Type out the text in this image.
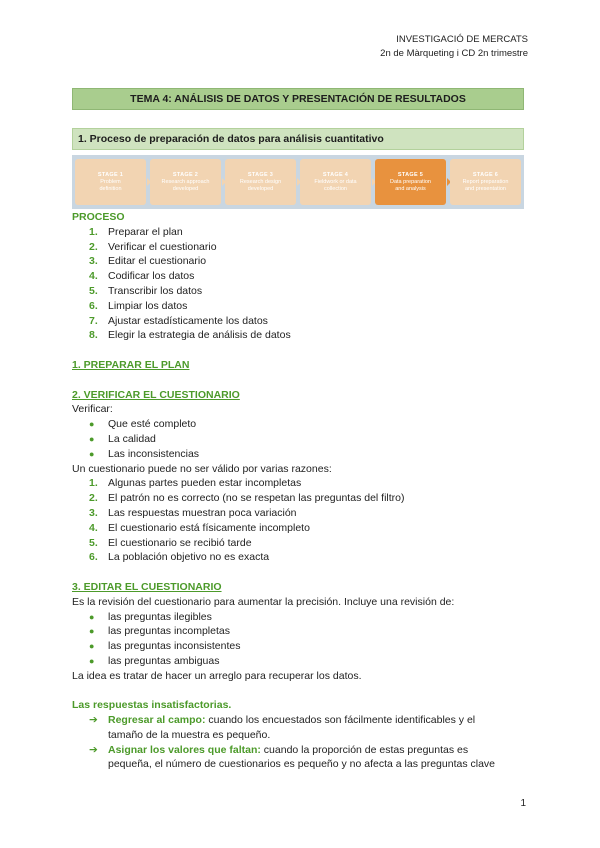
INVESTIGACIÓ DE MERCATS
2n de Màrqueting i CD 2n trimestre
TEMA 4: ANÁLISIS DE DATOS Y PRESENTACIÓN DE RESULTADOS
1. Proceso de preparación de datos para análisis cuantitativo
STAGE 1
Problem
definition
STAGE 2
Research approach
developed
STAGE 3
Research design
developed
STAGE 4
Fieldwork or data
collection
STAGE 5
Data preparation
and analysis
STAGE 6
Report preparation
and presentation

PROCESO

1. Preparar el plan
2. Verificar el cuestionario
3. Editar el cuestionario
4. Codificar los datos
5. Transcribir los datos
6. Limpiar los datos
7. Ajustar estadísticamente los datos
8. Elegir la estrategia de análisis de datos

1. PREPARAR EL PLAN

2. VERIFICAR EL CUESTIONARIO

Verificar:

● Que esté completo
● La calidad
● Las inconsistencias

Un cuestionario puede no ser válido por varias razones:

1. Algunas partes pueden estar incompletas
2. El patrón no es correcto (no se respetan las preguntas del filtro)
3. Las respuestas muestran poca variación
4. El cuestionario está físicamente incompleto
5. El cuestionario se recibió tarde
6. La población objetivo no es exacta

3. EDITAR EL CUESTIONARIO

Es la revisión del cuestionario para aumentar la precisión. Incluye una revisión de:

● las preguntas ilegibles
● las preguntas incompletas
● las preguntas inconsistentes
● las preguntas ambiguas

La idea es tratar de hacer un arreglo para recuperar los datos.

Las respuestas insatisfactorias.

➔ Regresar al campo: cuando los encuestados son fácilmente identificables y el
tamaño de la muestra es pequeño.
➔ Asignar los valores que faltan: cuando la proporción de estas preguntas es
pequeña, el número de cuestionarios es pequeño y no afecta a las preguntas clave
1
